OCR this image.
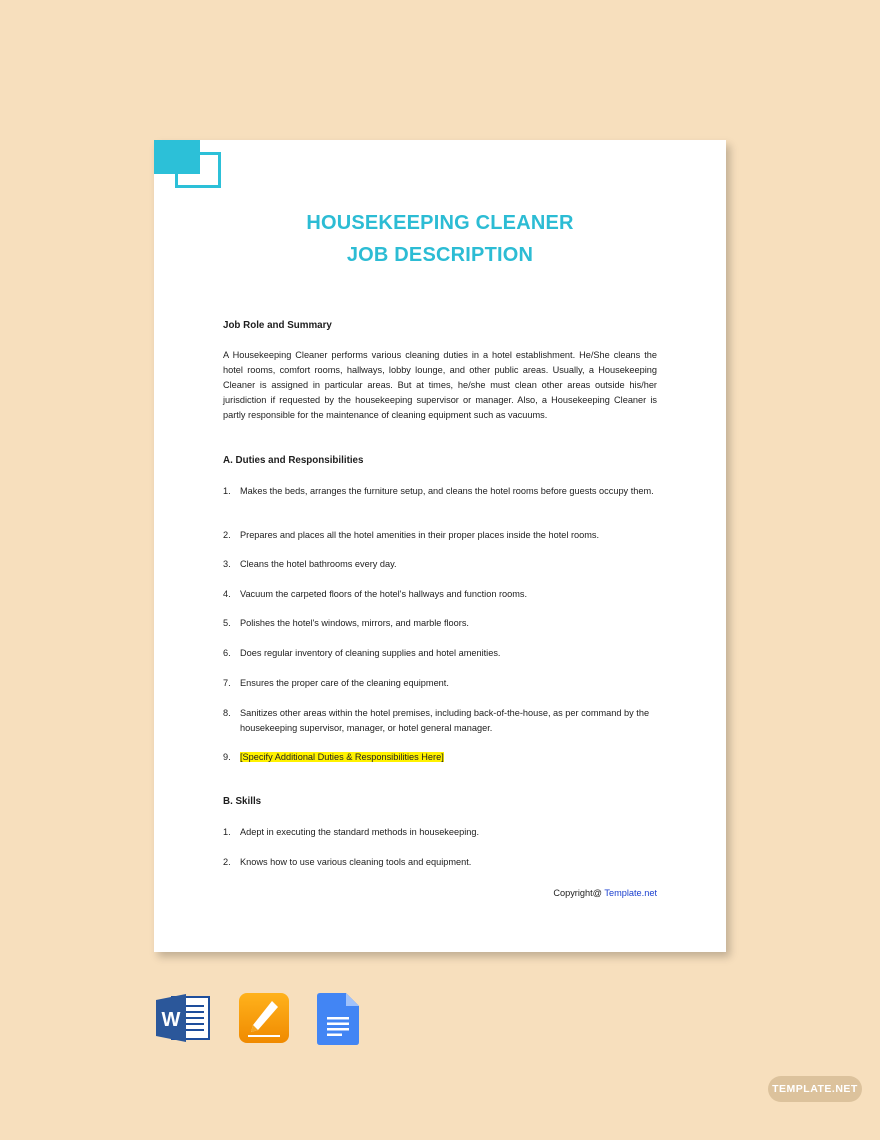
HOUSEKEEPING CLEANER
JOB DESCRIPTION
Job Role and Summary
A Housekeeping Cleaner performs various cleaning duties in a hotel establishment. He/She cleans the hotel rooms, comfort rooms, hallways, lobby lounge, and other public areas. Usually, a Housekeeping Cleaner is assigned in particular areas. But at times, he/she must clean other areas outside his/her jurisdiction if requested by the housekeeping supervisor or manager. Also, a Housekeeping Cleaner is partly responsible for the maintenance of cleaning equipment such as vacuums.
A. Duties and Responsibilities
1. Makes the beds, arranges the furniture setup, and cleans the hotel rooms before guests occupy them.
2. Prepares and places all the hotel amenities in their proper places inside the hotel rooms.
3. Cleans the hotel bathrooms every day.
4. Vacuum the carpeted floors of the hotel's hallways and function rooms.
5. Polishes the hotel's windows, mirrors, and marble floors.
6. Does regular inventory of cleaning supplies and hotel amenities.
7. Ensures the proper care of the cleaning equipment.
8. Sanitizes other areas within the hotel premises, including back-of-the-house, as per command by the housekeeping supervisor, manager, or hotel general manager.
9. [Specify Additional Duties & Responsibilities Here]
B. Skills
1. Adept in executing the standard methods in housekeeping.
2. Knows how to use various cleaning tools and equipment.
Copyright@ Template.net
W
TEMPLATE.NET
